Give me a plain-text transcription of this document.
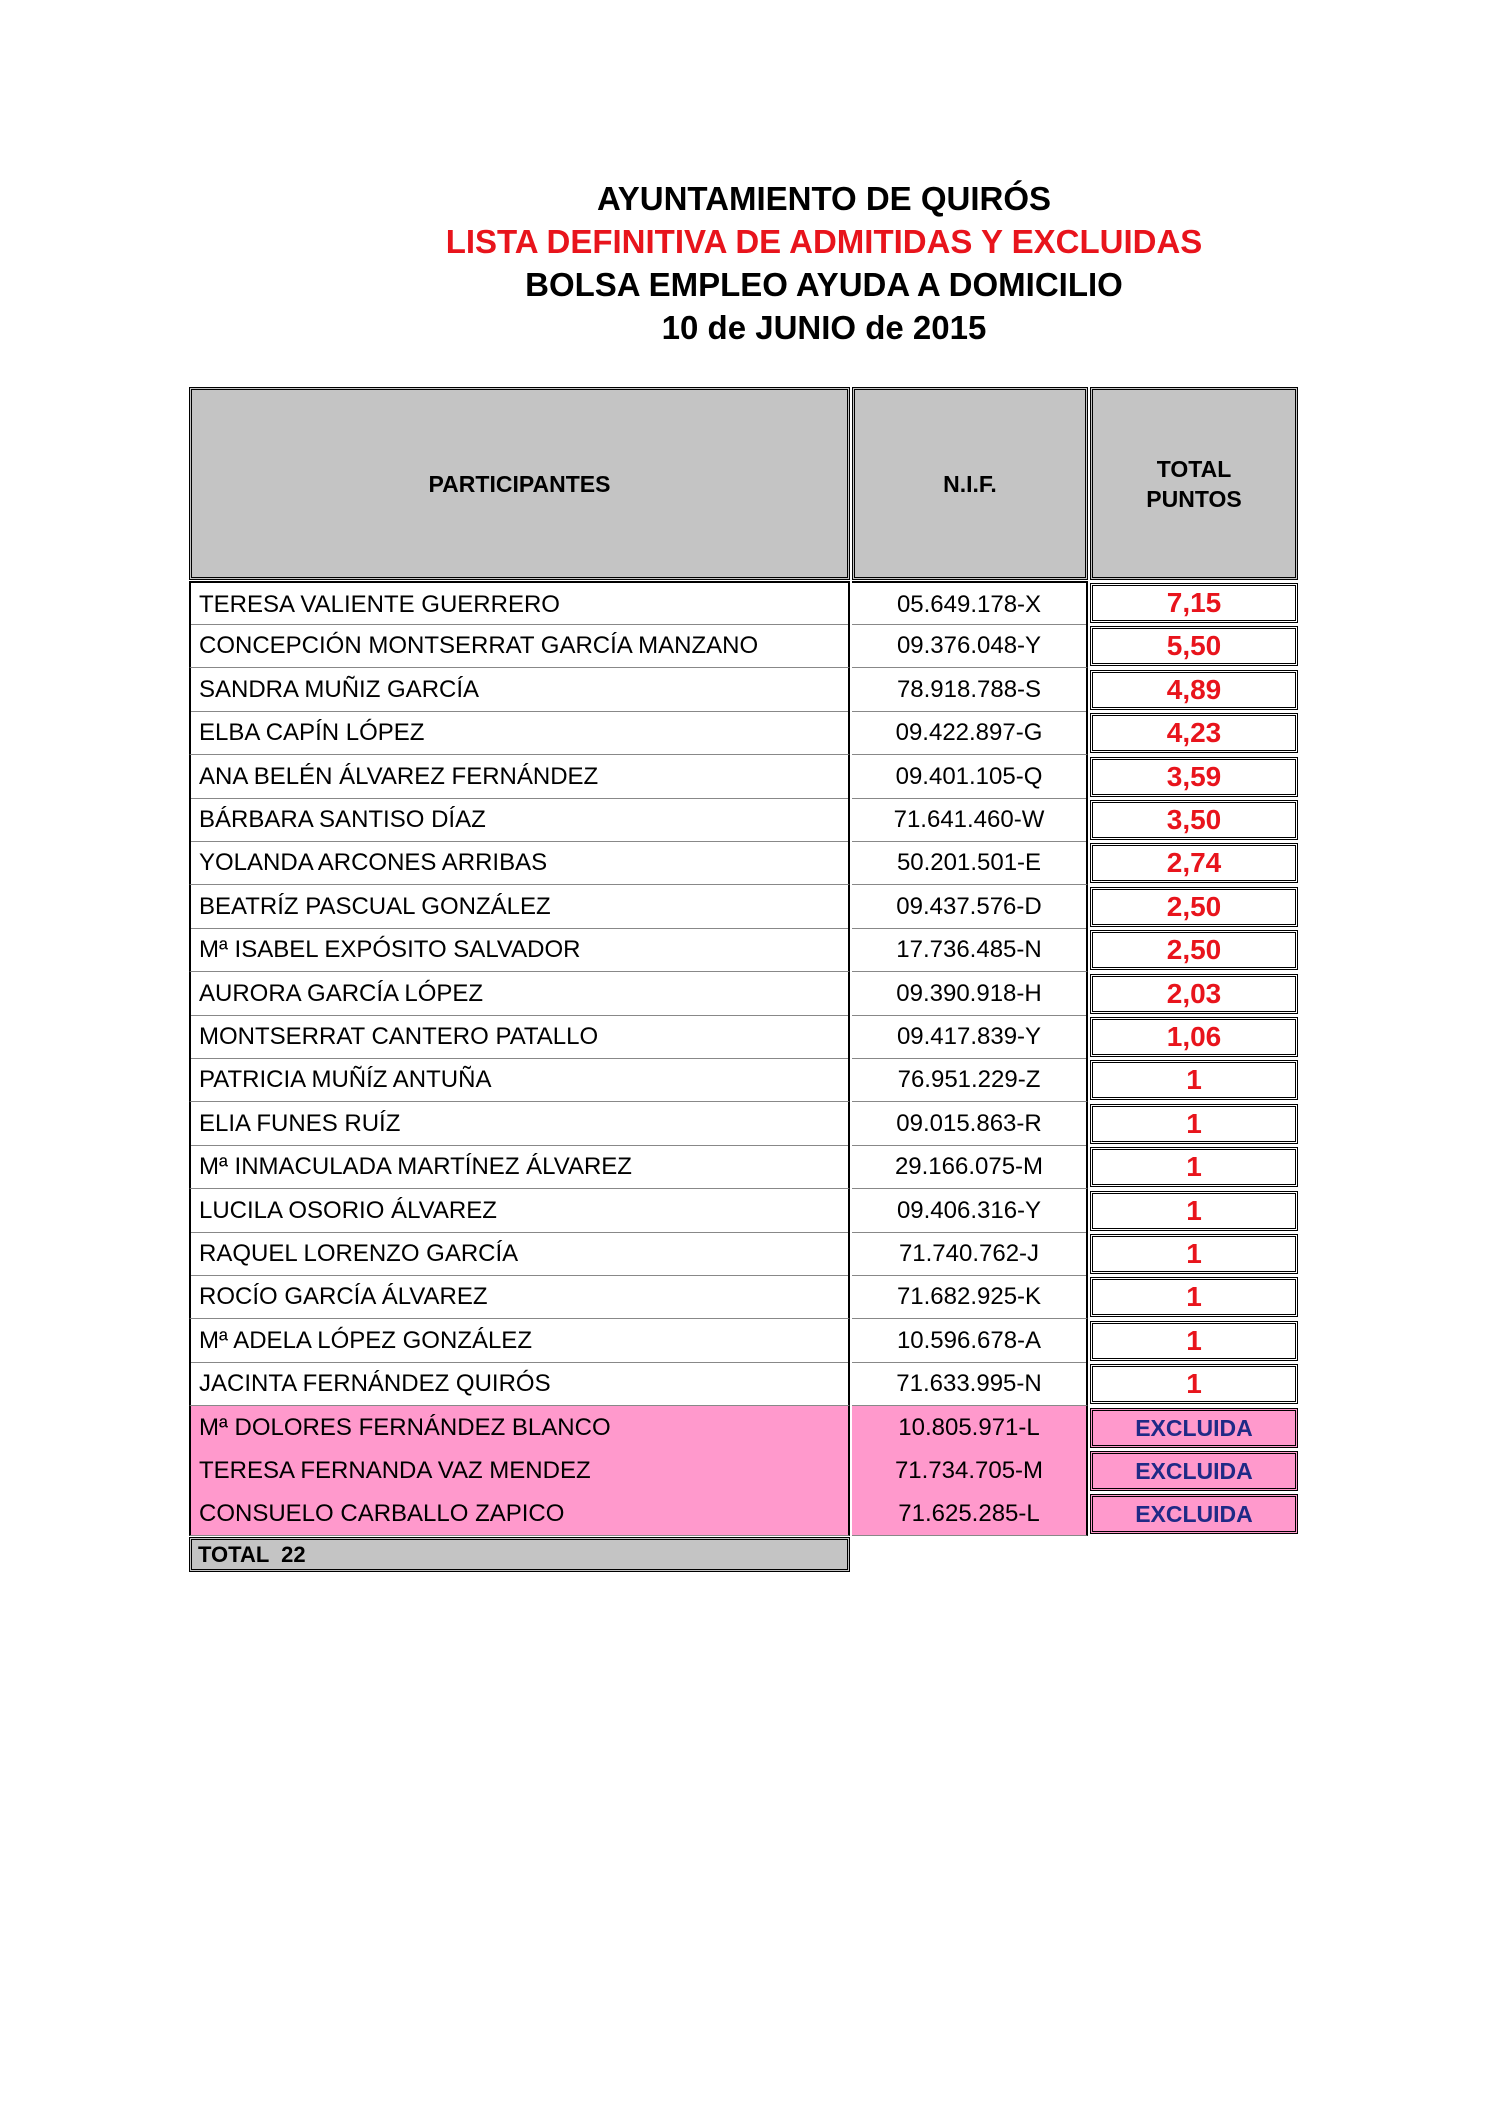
AYUNTAMIENTO DE QUIRÓS
LISTA DEFINITIVA DE ADMITIDAS Y EXCLUIDAS
BOLSA EMPLEO AYUDA A DOMICILIO
10 de JUNIO de 2015
PARTICIPANTES	N.I.F.
TOTAL
PUNTOS
TERESA VALIENTE GUERRERO	05.649.178-X	7,15
CONCEPCIÓN MONTSERRAT GARCÍA MANZANO	09.376.048-Y	5,50
SANDRA MUÑIZ GARCÍA	78.918.788-S	4,89
ELBA CAPÍN LÓPEZ	09.422.897-G	4,23
ANA BELÉN ÁLVAREZ FERNÁNDEZ	09.401.105-Q	3,59
BÁRBARA SANTISO DÍAZ	71.641.460-W	3,50
YOLANDA ARCONES ARRIBAS	50.201.501-E	2,74
BEATRÍZ PASCUAL GONZÁLEZ	09.437.576-D	2,50
Mª ISABEL EXPÓSITO SALVADOR	17.736.485-N	2,50
AURORA GARCÍA LÓPEZ	09.390.918-H	2,03
MONTSERRAT CANTERO PATALLO	09.417.839-Y	1,06
PATRICIA MUÑÍZ ANTUÑA	76.951.229-Z	1
ELIA FUNES RUÍZ	09.015.863-R	1
Mª INMACULADA MARTÍNEZ ÁLVAREZ	29.166.075-M	1
LUCILA OSORIO ÁLVAREZ	09.406.316-Y	1
RAQUEL LORENZO GARCÍA	71.740.762-J	1
ROCÍO GARCÍA ÁLVAREZ	71.682.925-K	1
Mª ADELA LÓPEZ GONZÁLEZ	10.596.678-A	1
JACINTA FERNÁNDEZ QUIRÓS	71.633.995-N	1
Mª DOLORES FERNÁNDEZ BLANCO	10.805.971-L	EXCLUIDA
TERESA FERNANDA VAZ MENDEZ	71.734.705-M	EXCLUIDA
CONSUELO CARBALLO ZAPICO	71.625.285-L	EXCLUIDA
TOTAL  22
